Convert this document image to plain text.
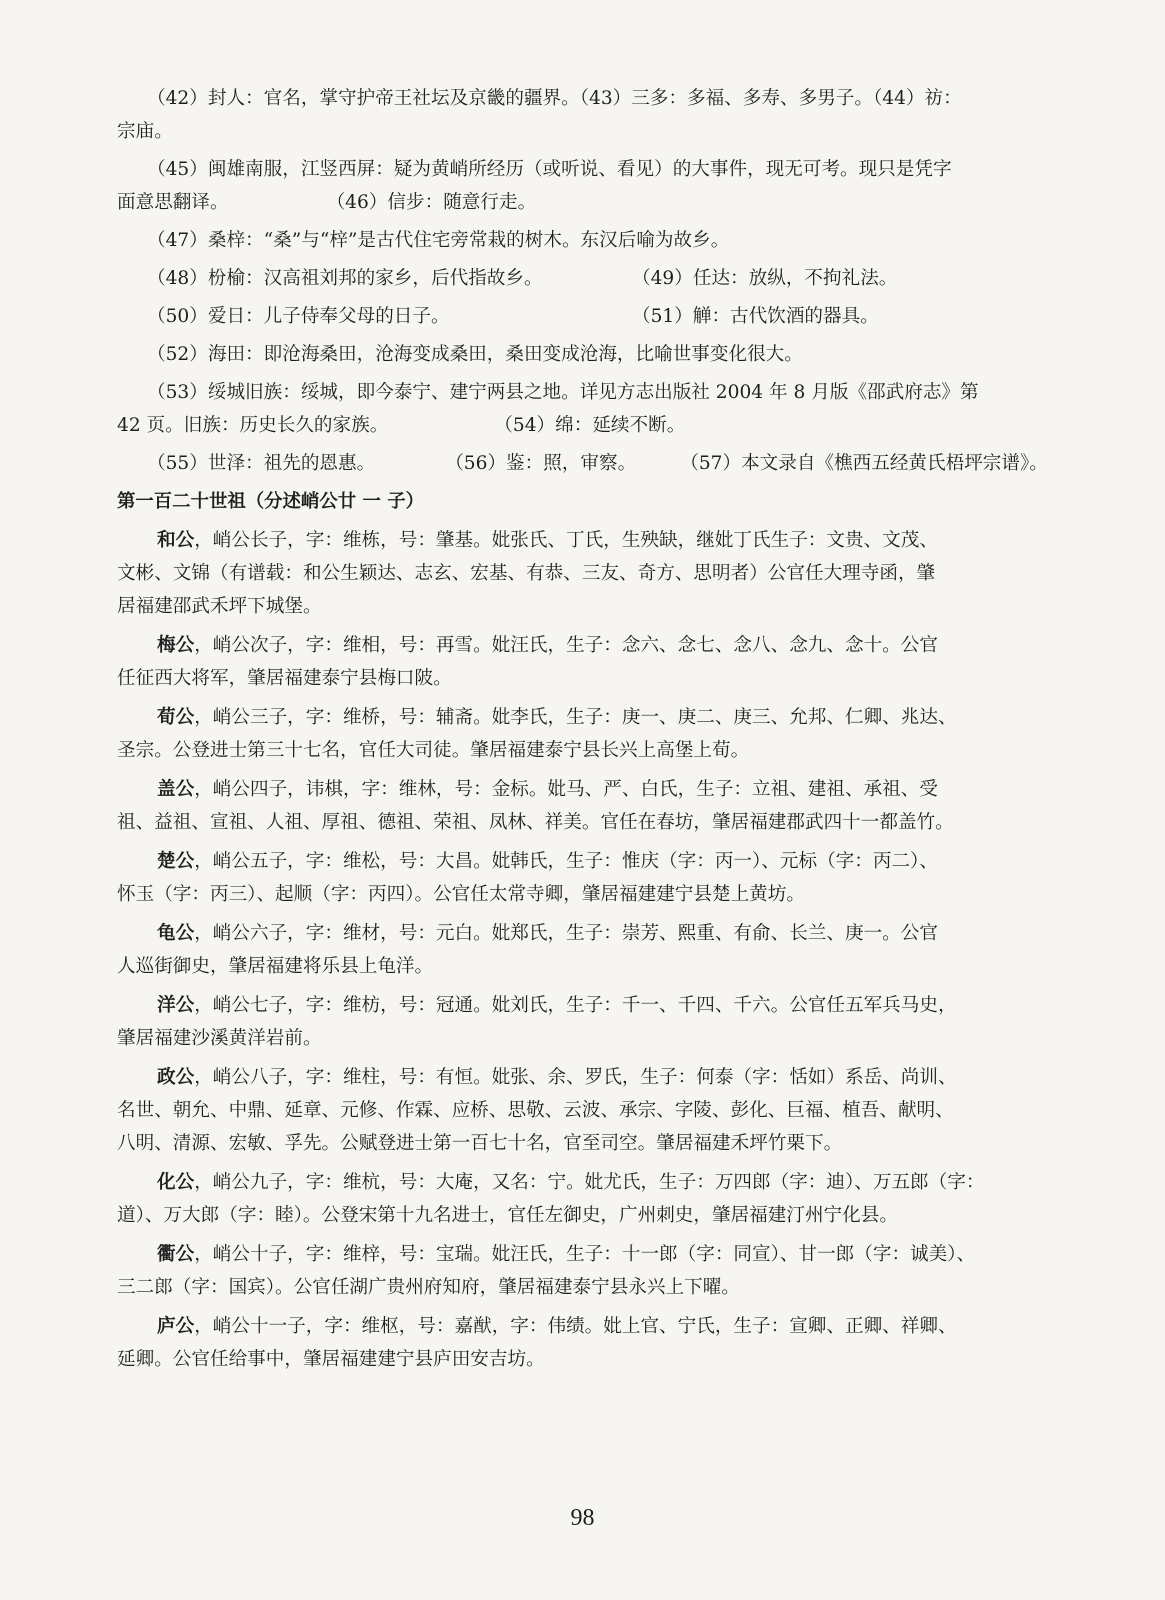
（42）封人：官名，掌守护帝王社坛及京畿的疆界。（43）三多：多福、多寿、多男子。（44）祊：
宗庙。
（45）闽雄南服，江竖西屏：疑为黄峭所经历（或听说、看见）的大事件，现无可考。现只是凭字
面意思翻译。	（46）信步：随意行走。
（47）桑梓：“桑”与“梓”是古代住宅旁常栽的树木。东汉后喻为故乡。
（48）枌榆：汉高祖刘邦的家乡，后代指故乡。	（49）任达：放纵，不拘礼法。
（50）爱日：儿子侍奉父母的日子。	（51）觯：古代饮酒的器具。
（52）海田：即沧海桑田，沧海变成桑田，桑田变成沧海，比喻世事变化很大。
（53）绥城旧族：绥城，即今泰宁、建宁两县之地。详见方志出版社 2004 年 8 月版《邵武府志》第
42 页。旧族：历史长久的家族。	（54）绵：延续不断。
（55）世泽：祖先的恩惠。	（56）鉴：照，审察。 （57）本文录自《樵西五经黄氏梧坪宗谱》。
第一百二十世祖（分述峭公廿 一 子）
和公，峭公长子，字：维栋，号：肇基。妣张氏、丁氏，生殃缺，继妣丁氏生子：文贵、文茂、
文彬、文锦（有谱载：和公生颖达、志玄、宏基、有恭、三友、奇方、思明者）公官任大理寺函，肇
居福建邵武禾坪下城堡。
梅公，峭公次子，字：维相，号：再雪。妣汪氏，生子：念六、念七、念八、念九、念十。公官
任征西大将军，肇居福建泰宁县梅口陂。
荀公，峭公三子，字：维桥，号：辅斋。妣李氏，生子：庚一、庚二、庚三、允邦、仁卿、兆达、
圣宗。公登进士第三十七名，官任大司徒。肇居福建泰宁县长兴上高堡上荀。
盖公，峭公四子，讳棋，字：维林，号：金标。妣马、严、白氏，生子：立祖、建祖、承祖、受
祖、益祖、宣祖、人祖、厚祖、德祖、荣祖、凤林、祥美。官任在春坊，肇居福建郡武四十一都盖竹。
楚公，峭公五子，字：维松，号：大昌。妣韩氏，生子：惟庆（字：丙一）、元标（字：丙二）、
怀玉（字：丙三）、起顺（字：丙四）。公官任太常寺卿，肇居福建建宁县楚上黄坊。
龟公，峭公六子，字：维材，号：元白。妣郑氏，生子：崇芳、熙重、有俞、长兰、庚一。公官
人巡街御史，肇居福建将乐县上龟洋。
洋公，峭公七子，字：维枋，号：冠通。妣刘氏，生子：千一、千四、千六。公官任五军兵马史，
肇居福建沙溪黄洋岩前。
政公，峭公八子，字：维柱，号：有恒。妣张、余、罗氏，生子：何泰（字：恬如）系岳、尚训、
名世、朝允、中鼎、延章、元修、作霖、应桥、思敬、云波、承宗、字陵、彭化、巨福、植吾、献明、
八明、清源、宏敏、孚先。公赋登进士第一百七十名，官至司空。肇居福建禾坪竹栗下。
化公，峭公九子，字：维杭，号：大庵，又名：宁。妣尤氏，生子：万四郎（字：迪）、万五郎（字：
道）、万大郎（字：睦）。公登宋第十九名进士，官任左御史，广州刺史，肇居福建汀州宁化县。
衢公，峭公十子，字：维梓，号：宝瑞。妣汪氏，生子：十一郎（字：同宣）、甘一郎（字：诚美）、
三二郎（字：国宾）。公官任湖广贵州府知府，肇居福建泰宁县永兴上下曜。
庐公，峭公十一子，字：维枢，号：嘉猷，字：伟绩。妣上官、宁氏，生子：宣卿、正卿、祥卿、
延卿。公官任给事中，肇居福建建宁县庐田安吉坊。
98
